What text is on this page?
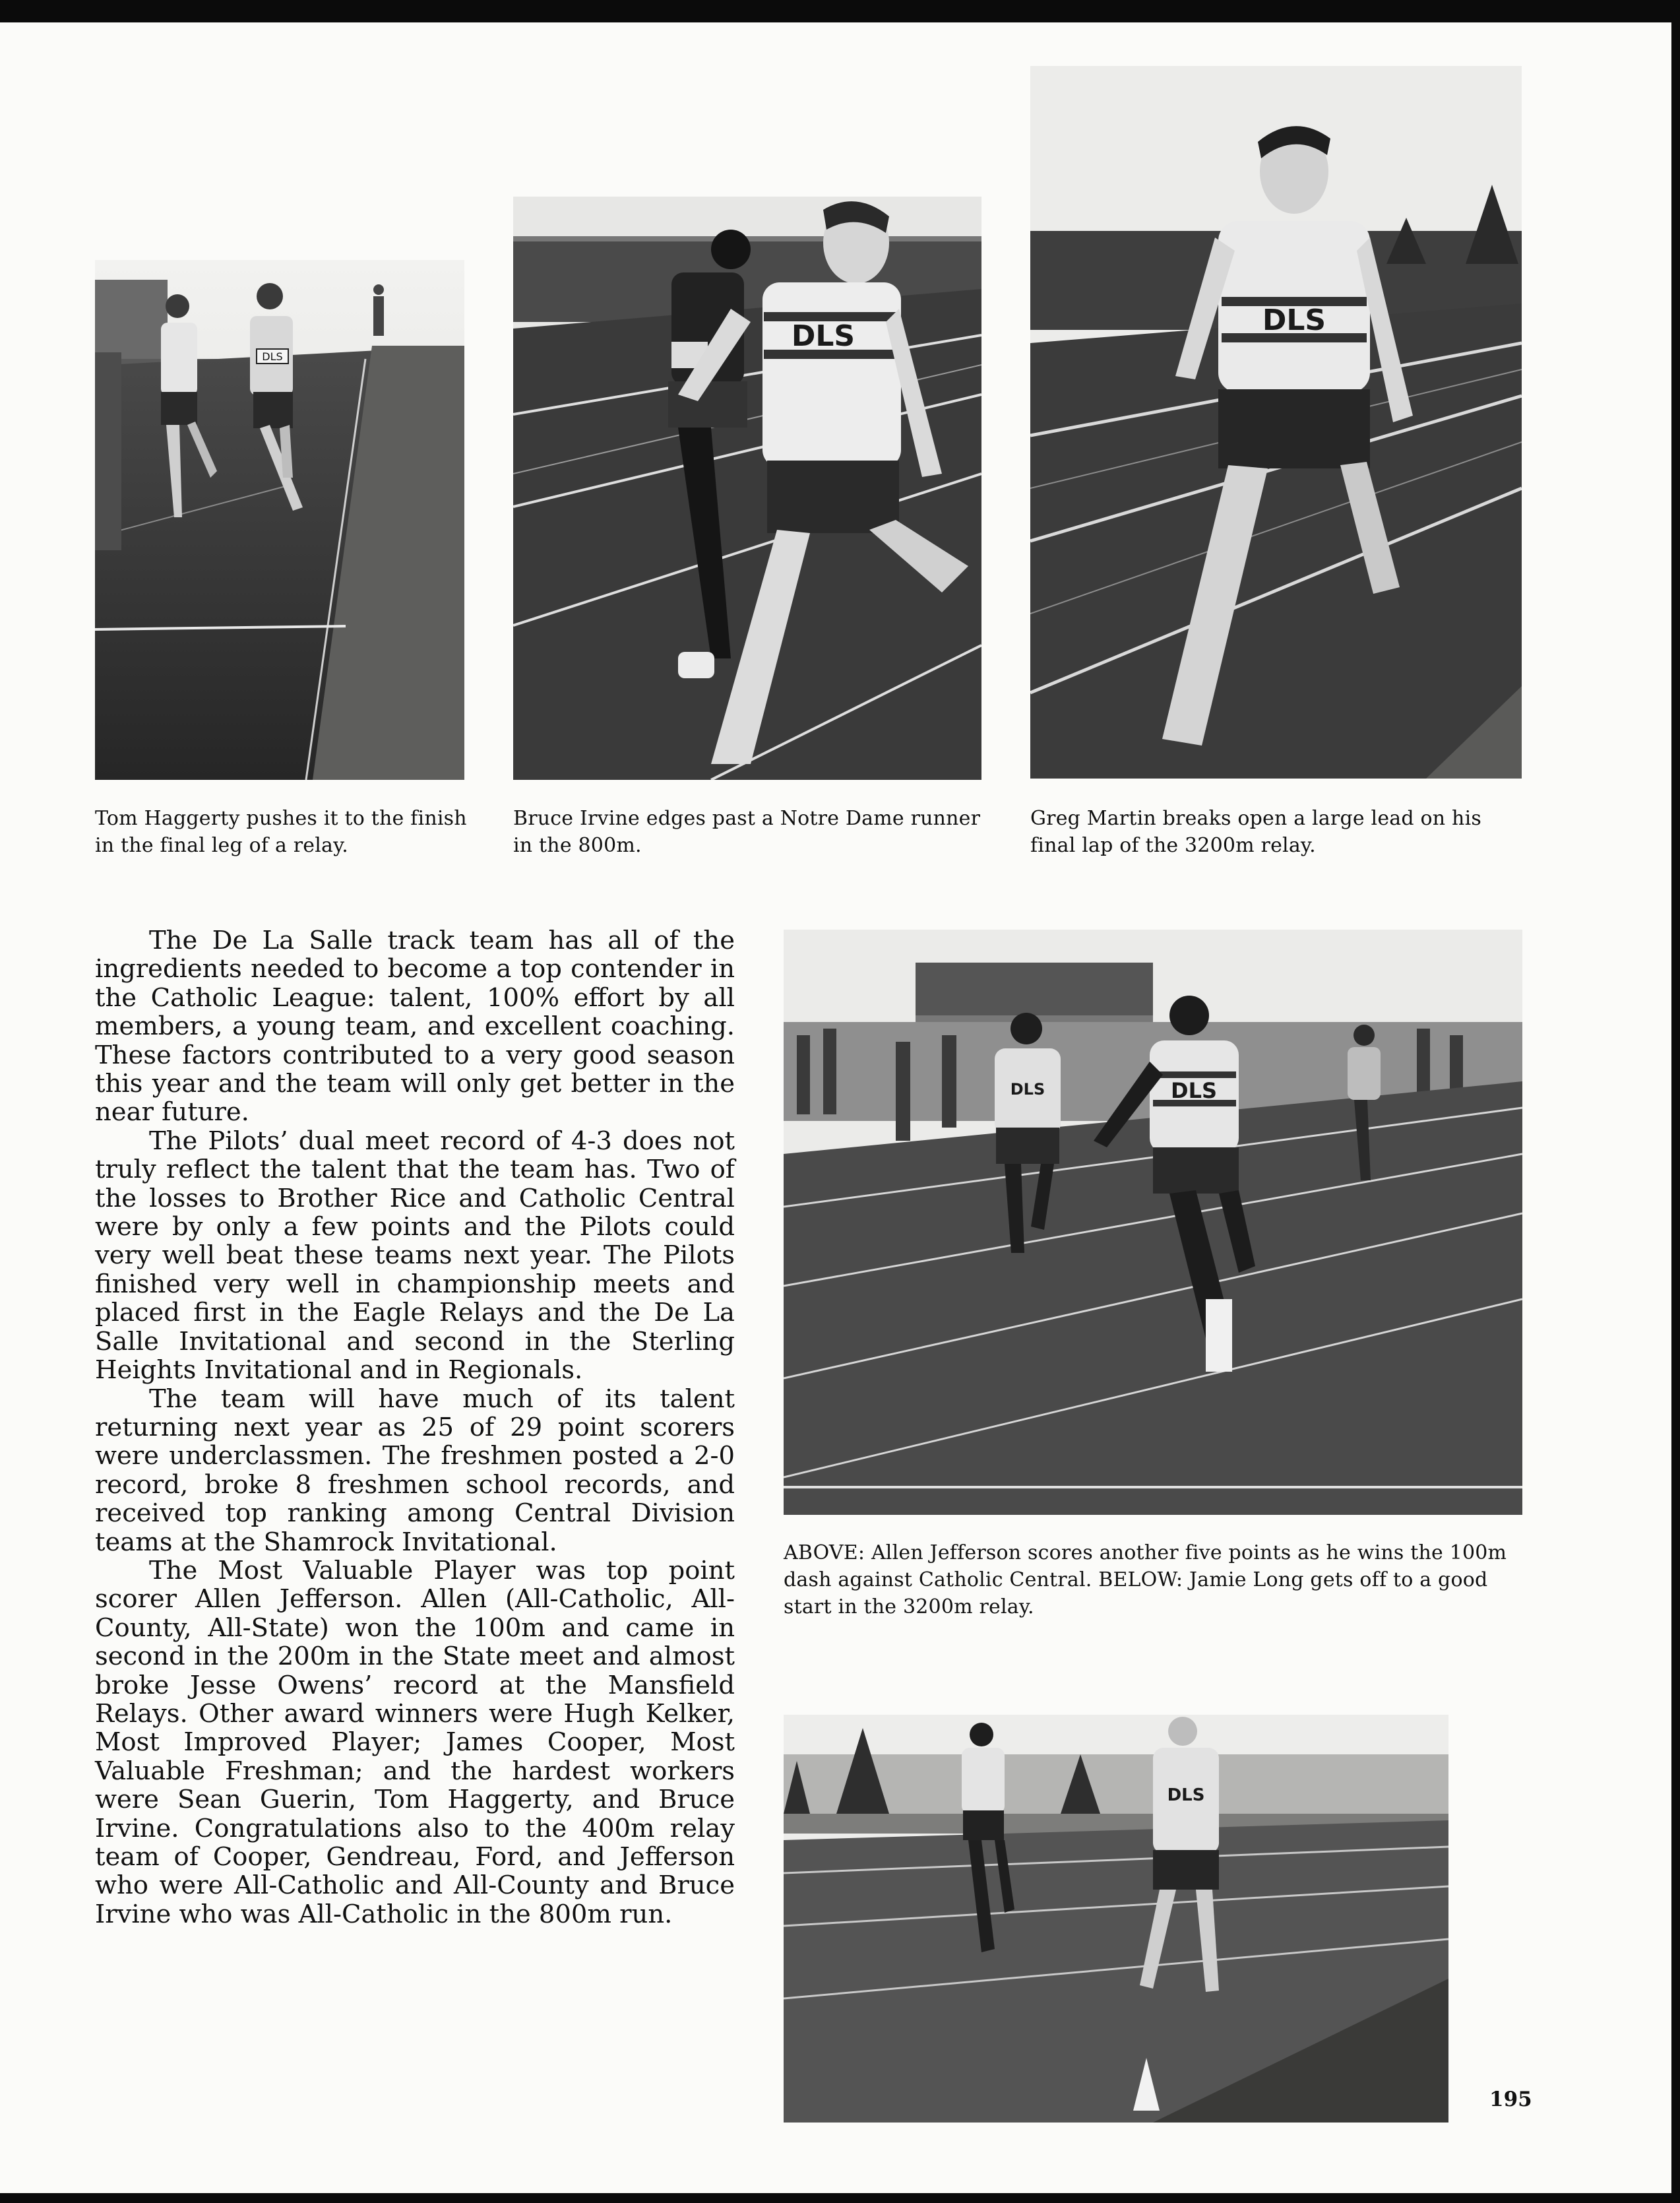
DLS
Tom Haggerty pushes it to the finish in the final leg of a relay.
DLS
Bruce Irvine edges past a Notre Dame runner in the 800m.
DLS
Greg Martin breaks open a large lead on his final lap of the 3200m relay.

The De La Salle track team has all of the ingredients needed to become a top contender in the Catholic League: talent, 100% effort by all members, a young team, and excellent coaching. These factors contributed to a very good season this year and the team will only get better in the near future.

The Pilots’ dual meet record of 4-3 does not truly reflect the talent that the team has. Two of the losses to Brother Rice and Catholic Central were by only a few points and the Pilots could very well beat these teams next year. The Pilots finished very well in championship meets and placed first in the Eagle Relays and the De La Salle Invitational and second in the Sterling Heights Invitational and in Regionals.

The team will have much of its talent returning next year as 25 of 29 point scorers were underclassmen. The freshmen posted a 2-0 record, broke 8 freshmen school records, and received top ranking among Central Division teams at the Shamrock Invitational.

The Most Valuable Player was top point scorer Allen Jefferson. Allen (All-Catholic, All-County, All-State) won the 100m and came in second in the 200m in the State meet and almost broke Jesse Owens’ record at the Mansfield Relays. Other award winners were Hugh Kelker, Most Improved Player; James Cooper, Most Valuable Freshman; and the hardest workers were Sean Guerin, Tom Haggerty, and Bruce Irvine. Congratulations also to the 400m relay team of Cooper, Gendreau, Ford, and Jefferson who were All-Catholic and All-County and Bruce Irvine who was All-Catholic in the 800m run.

DLS	DLS
ABOVE: Allen Jefferson scores another five points as he wins the 100m dash against Catholic Central. BELOW: Jamie Long gets off to a good start in the 3200m relay.
DLS
195
